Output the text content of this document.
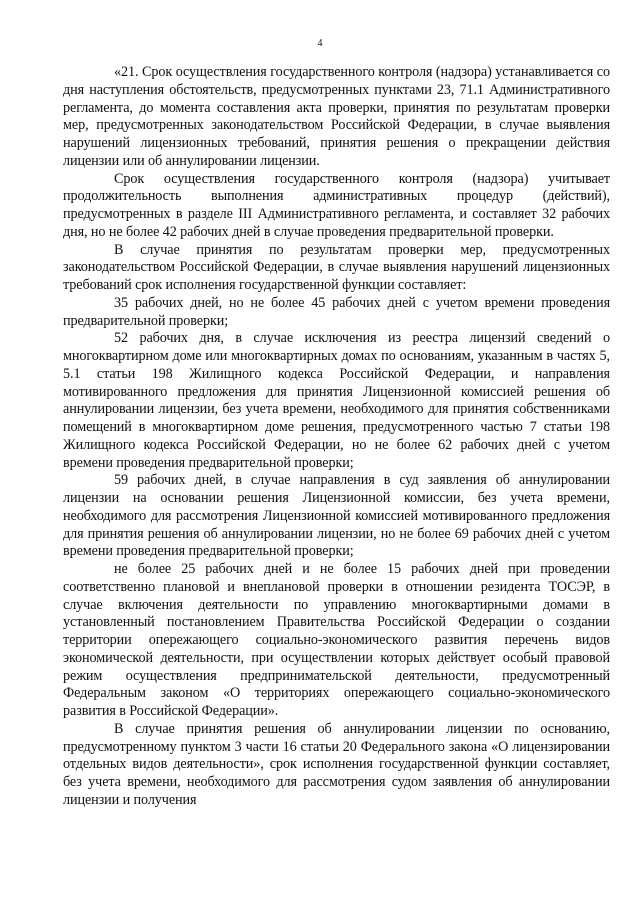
4

«21. Срок осуществления государственного контроля (надзора) устанавливается со дня наступления обстоятельств, предусмотренных пунктами 23, 71.1 Административного регламента, до момента составления акта проверки, принятия по результатам проверки мер, предусмотренных законодательством Российской Федерации, в случае выявления нарушений лицензионных требований, принятия решения о прекращении действия лицензии или об аннулировании лицензии.

Срок осуществления государственного контроля (надзора) учитывает продолжительность выполнения административных процедур (действий), предусмотренных в разделе III Административного регламента, и составляет 32 рабочих дня, но не более 42 рабочих дней в случае проведения предварительной проверки.

В случае принятия по результатам проверки мер, предусмотренных законодательством Российской Федерации, в случае выявления нарушений лицензионных требований срок исполнения государственной функции составляет:

35 рабочих дней, но не более 45 рабочих дней с учетом времени проведения предварительной проверки;

52 рабочих дня, в случае исключения из реестра лицензий сведений о многоквартирном доме или многоквартирных домах по основаниям, указанным в частях 5, 5.1 статьи 198 Жилищного кодекса Российской Федерации, и направления мотивированного предложения для принятия Лицензионной комиссией решения об аннулировании лицензии, без учета времени, необходимого для принятия собственниками помещений в многоквартирном доме решения, предусмотренного частью 7 статьи 198 Жилищного кодекса Российской Федерации, но не более 62 рабочих дней с учетом времени проведения предварительной проверки;

59 рабочих дней, в случае направления в суд заявления об аннулировании лицензии на основании решения Лицензионной комиссии, без учета времени, необходимого для рассмотрения Лицензионной комиссией мотивированного предложения для принятия решения об аннулировании лицензии, но не более 69 рабочих дней с учетом времени проведения предварительной проверки;

не более 25 рабочих дней и не более 15 рабочих дней при проведении соответственно плановой и внеплановой проверки в отношении резидента ТОСЭР, в случае включения деятельности по управлению многоквартирными домами в установленный постановлением Правительства Российской Федерации о создании территории опережающего социально-экономического развития перечень видов экономической деятельности, при осуществлении которых действует особый правовой режим осуществления предпринимательской деятельности, предусмотренный Федеральным законом «О территориях опережающего социально-экономического развития в Российской Федерации».

В случае принятия решения об аннулировании лицензии по основанию, предусмотренному пунктом 3 части 16 статьи 20 Федерального закона «О лицензировании отдельных видов деятельности», срок исполнения государственной функции составляет, без учета времени, необходимого для рассмотрения судом заявления об аннулировании лицензии и получения
